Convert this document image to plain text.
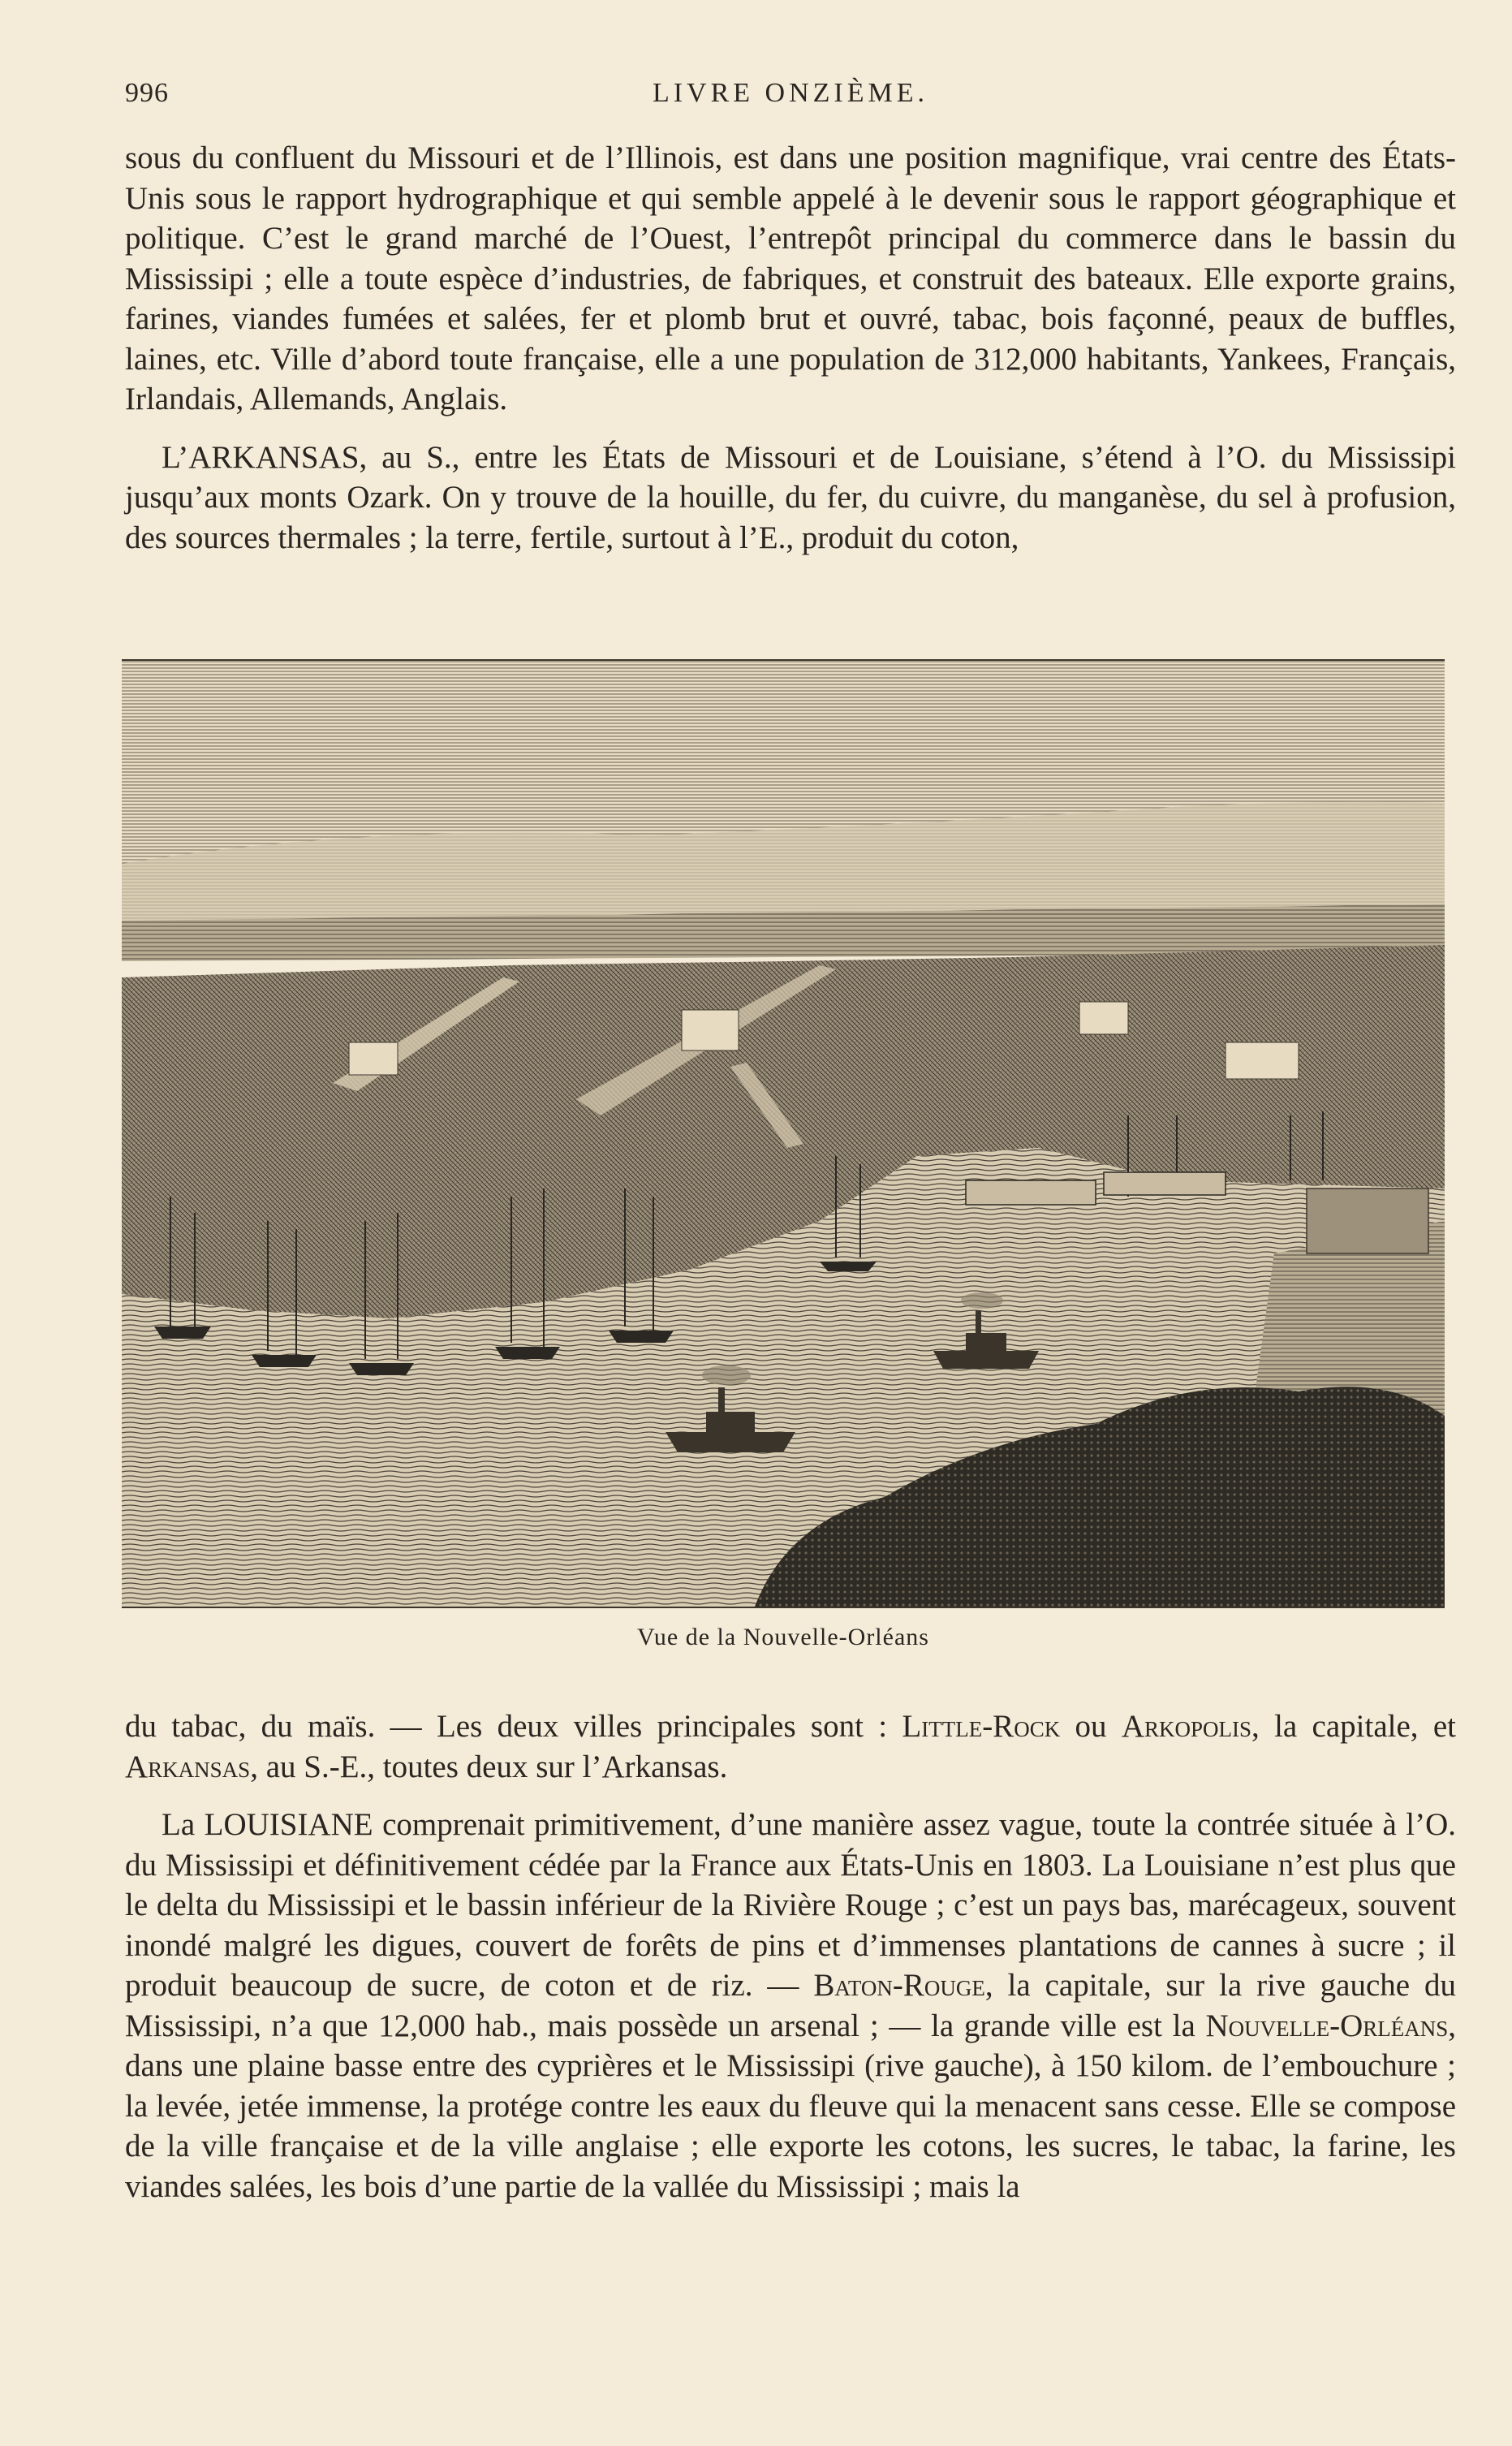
996	LIVRE ONZIÈME.

sous du confluent du Missouri et de l’Illinois, est dans une position magnifique, vrai centre des États-Unis sous le rapport hydrographique et qui semble appelé à le devenir sous le rapport géographique et politique. C’est le grand marché de l’Ouest, l’entrepôt principal du commerce dans le bassin du Mississipi ; elle a toute espèce d’industries, de fabriques, et construit des bateaux. Elle exporte grains, farines, viandes fumées et salées, fer et plomb brut et ouvré, tabac, bois façonné, peaux de buffles, laines, etc. Ville d’abord toute française, elle a une population de 312,000 habitants, Yankees, Français, Irlandais, Allemands, Anglais.

L’ARKANSAS, au S., entre les États de Missouri et de Louisiane, s’étend à l’O. du Mississipi jusqu’aux monts Ozark. On y trouve de la houille, du fer, du cuivre, du manganèse, du sel à profusion, des sources thermales ; la terre, fertile, surtout à l’E., produit du coton,

Vue de la Nouvelle-Orléans

du tabac, du maïs. — Les deux villes principales sont : Little-Rock ou Arkopolis, la capitale, et Arkansas, au S.-E., toutes deux sur l’Arkansas.

La LOUISIANE comprenait primitivement, d’une manière assez vague, toute la contrée située à l’O. du Mississipi et définitivement cédée par la France aux États-Unis en 1803. La Louisiane n’est plus que le delta du Mississipi et le bassin inférieur de la Rivière Rouge ; c’est un pays bas, marécageux, souvent inondé malgré les digues, couvert de forêts de pins et d’immenses plantations de cannes à sucre ; il produit beaucoup de sucre, de coton et de riz. — Baton-Rouge, la capitale, sur la rive gauche du Mississipi, n’a que 12,000 hab., mais possède un arsenal ; — la grande ville est la Nouvelle-Orléans, dans une plaine basse entre des cyprières et le Mississipi (rive gauche), à 150 kilom. de l’embouchure ; la levée, jetée immense, la protége contre les eaux du fleuve qui la menacent sans cesse. Elle se compose de la ville française et de la ville anglaise ; elle exporte les cotons, les sucres, le tabac, la farine, les viandes salées, les bois d’une partie de la vallée du Mississipi ; mais la
